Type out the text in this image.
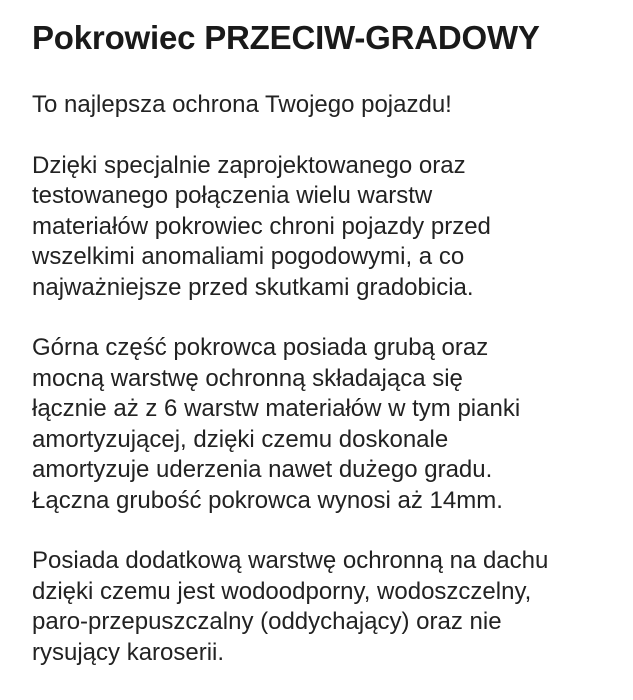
Pokrowiec PRZECIW-GRADOWY

To najlepsza ochrona Twojego pojazdu!

Dzięki specjalnie zaprojektowanego oraz
testowanego połączenia wielu warstw
materiałów pokrowiec chroni pojazdy przed
wszelkimi anomaliami pogodowymi, a co
najważniejsze przed skutkami gradobicia.

Górna część pokrowca posiada grubą oraz
mocną warstwę ochronną składająca się
łącznie aż z 6 warstw materiałów w tym pianki
amortyzującej, dzięki czemu doskonale
amortyzuje uderzenia nawet dużego gradu.
Łączna grubość pokrowca wynosi aż 14mm.

Posiada dodatkową warstwę ochronną na dachu
dzięki czemu jest wodoodporny, wodoszczelny,
paro-przepuszczalny (oddychający) oraz nie
rysujący karoserii.
